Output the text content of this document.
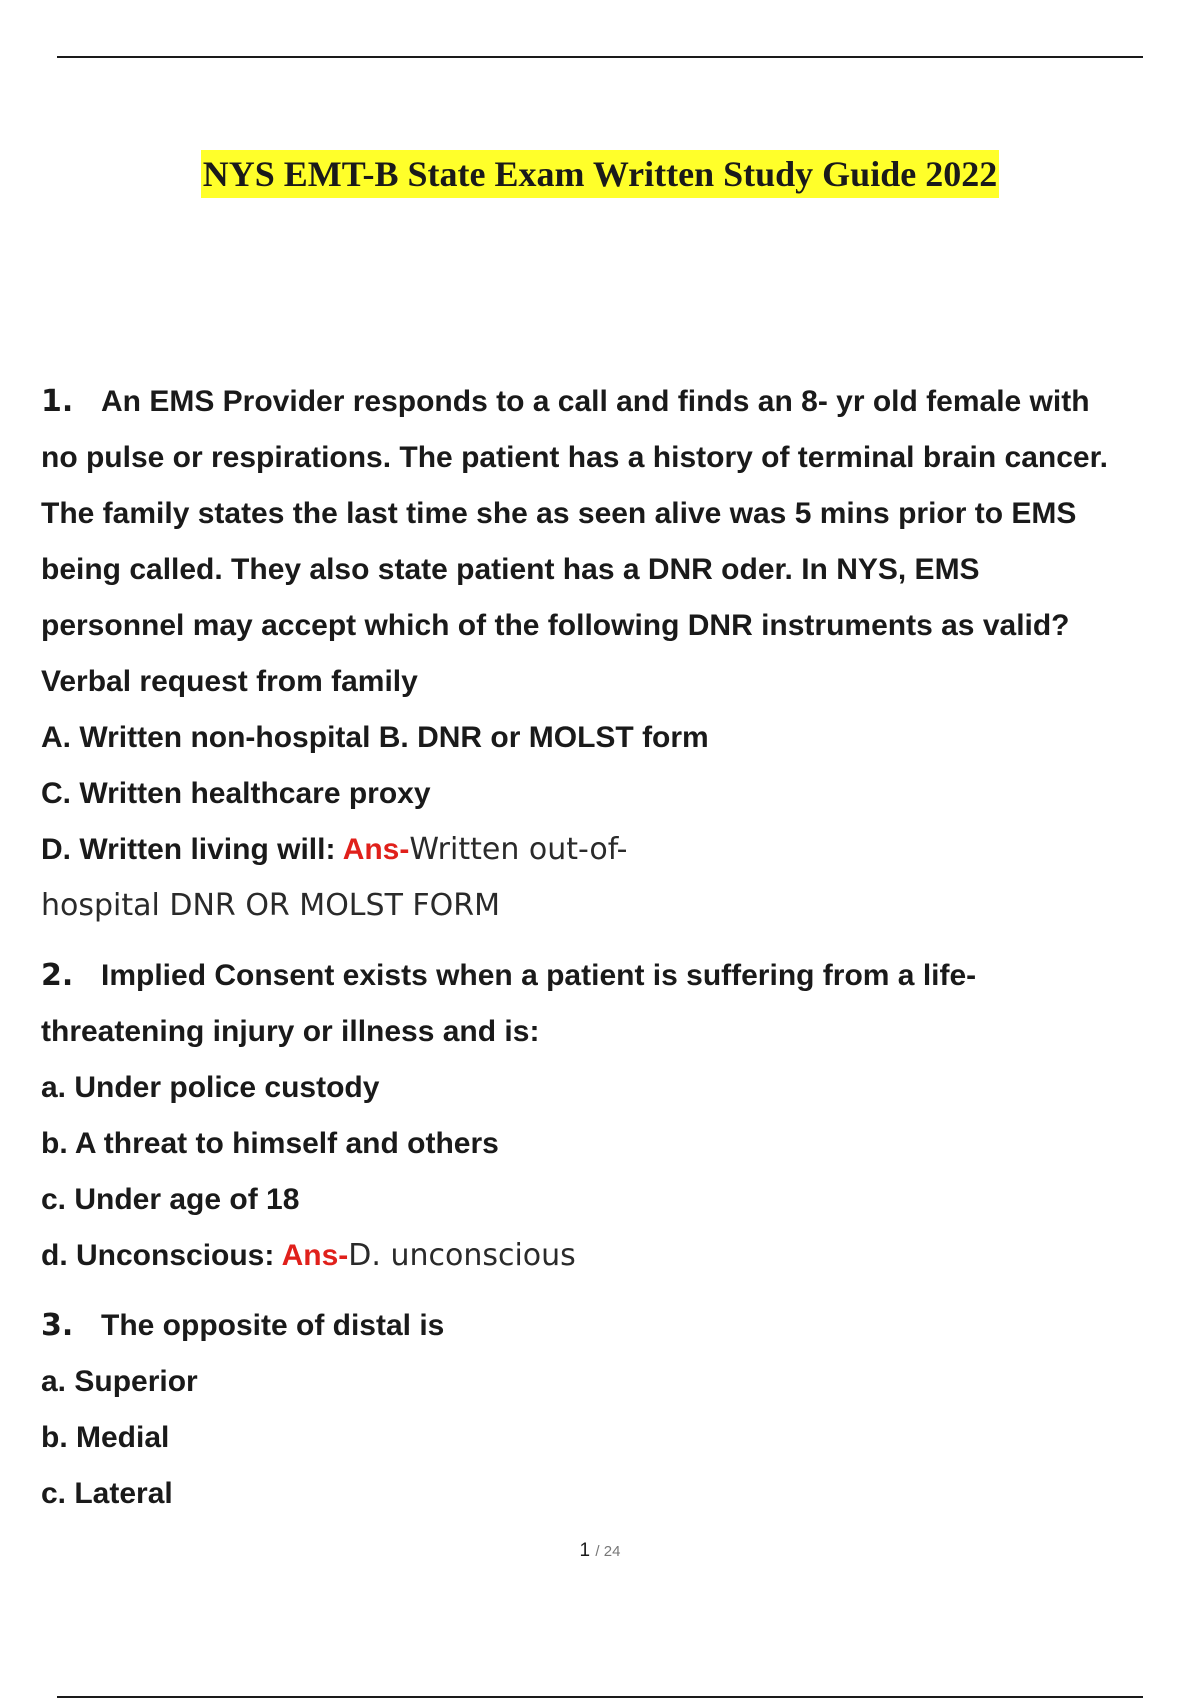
NYS EMT-B State Exam Written Study Guide 2022
1. An EMS Provider responds to a call and finds an 8- yr old female with
no pulse or respirations. The patient has a history of terminal brain cancer.
The family states the last time she as seen alive was 5 mins prior to EMS
being called. They also state patient has a DNR oder. In NYS, EMS
personnel may accept which of the following DNR instruments as valid?
Verbal request from family
A. Written non-hospital B. DNR or MOLST form
C. Written healthcare proxy
D. Written living will: Ans-Written out-of-
hospital DNR OR MOLST FORM
2. Implied Consent exists when a patient is suffering from a life-
threatening injury or illness and is:
a. Under police custody
b. A threat to himself and others
c. Under age of 18
d. Unconscious: Ans-D. unconscious
3. The opposite of distal is
a. Superior
b. Medial
c. Lateral
1 / 24
